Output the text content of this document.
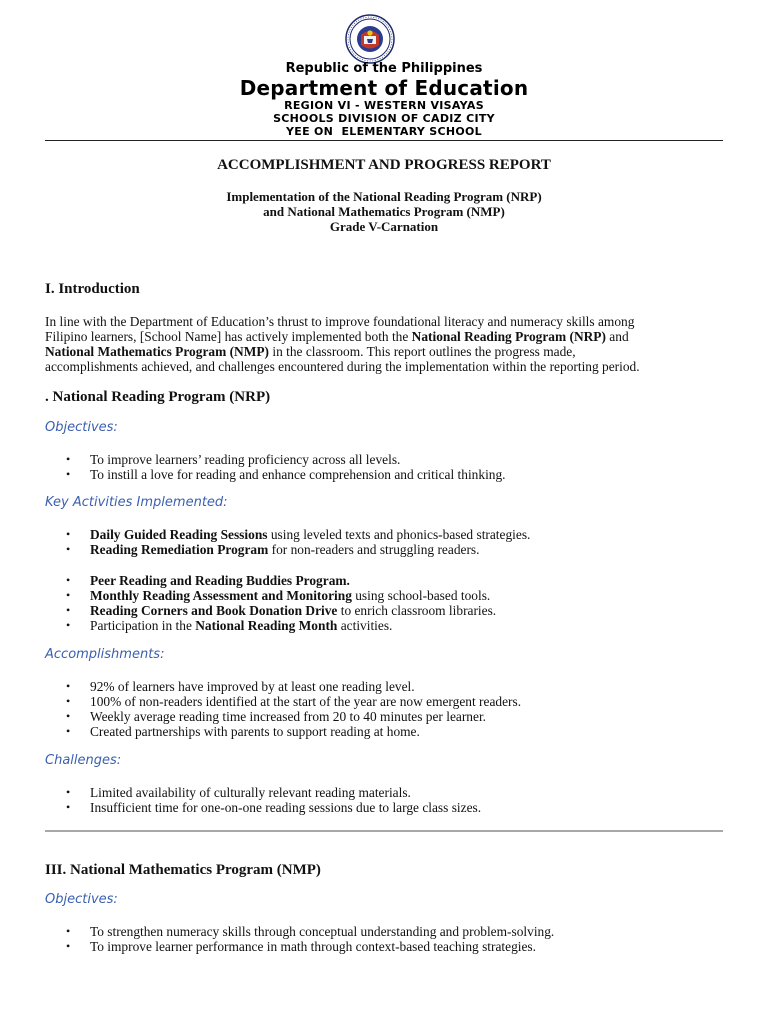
Republic of the Philippines
Department of Education
REGION VI - WESTERN VISAYAS
SCHOOLS DIVISION OF CADIZ CITY
YEE ON  ELEMENTARY SCHOOL
ACCOMPLISHMENT AND PROGRESS REPORT
Implementation of the National Reading Program (NRP)
and National Mathematics Program (NMP)
Grade V-Carnation
I. Introduction
In line with the Department of Education’s thrust to improve foundational literacy and numeracy skills among
Filipino learners, [School Name] has actively implemented both the National Reading Program (NRP) and
National Mathematics Program (NMP) in the classroom. This report outlines the progress made,
accomplishments achieved, and challenges encountered during the implementation within the reporting period.
. National Reading Program (NRP)
Objectives:
• To improve learners’ reading proficiency across all levels.
• To instill a love for reading and enhance comprehension and critical thinking.
Key Activities Implemented:
• Daily Guided Reading Sessions using leveled texts and phonics-based strategies.
• Reading Remediation Program for non-readers and struggling readers.
• Peer Reading and Reading Buddies Program.
• Monthly Reading Assessment and Monitoring using school-based tools.
• Reading Corners and Book Donation Drive to enrich classroom libraries.
• Participation in the National Reading Month activities.
Accomplishments:
• 92% of learners have improved by at least one reading level.
• 100% of non-readers identified at the start of the year are now emergent readers.
• Weekly average reading time increased from 20 to 40 minutes per learner.
• Created partnerships with parents to support reading at home.
Challenges:
• Limited availability of culturally relevant reading materials.
• Insufficient time for one-on-one reading sessions due to large class sizes.
III. National Mathematics Program (NMP)
Objectives:
• To strengthen numeracy skills through conceptual understanding and problem-solving.
• To improve learner performance in math through context-based teaching strategies.
